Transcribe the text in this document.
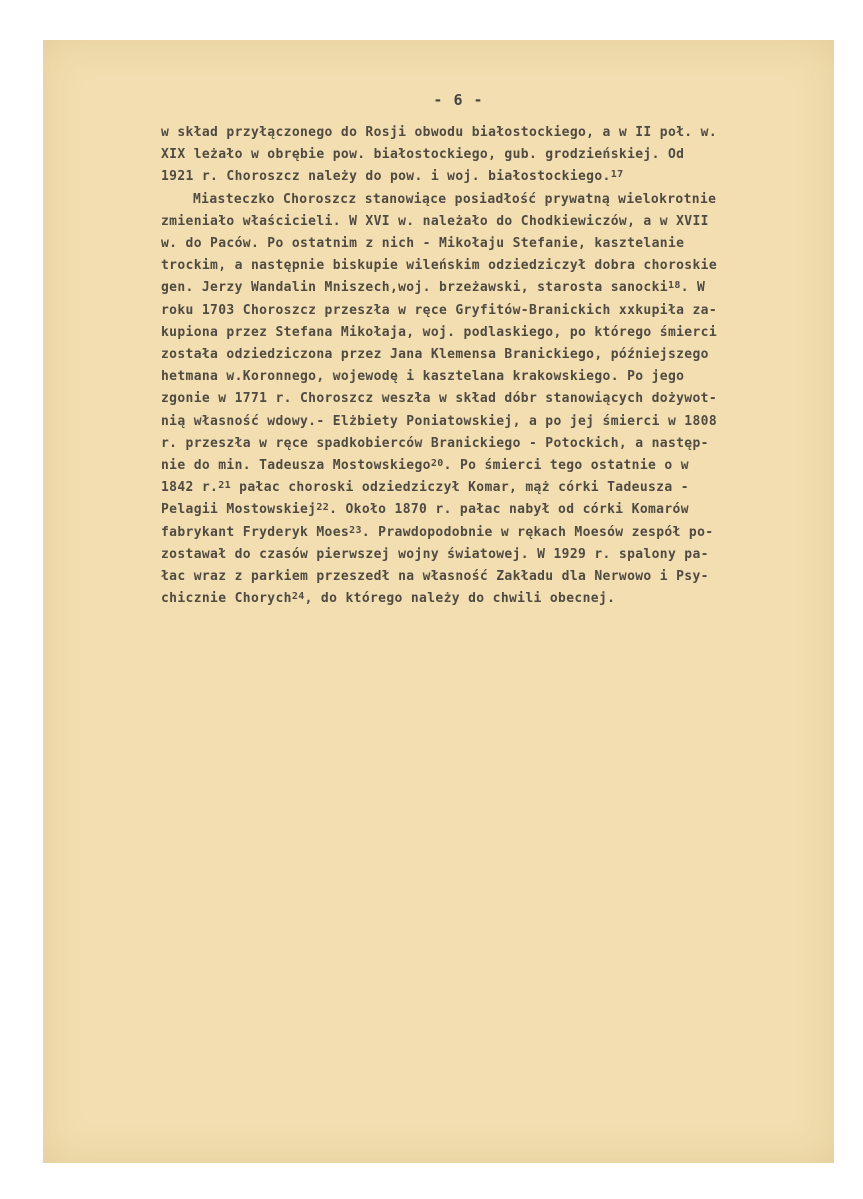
- 6 -
w skład przyłączonego do Rosji obwodu białostockiego, a w II poł. w.
XIX leżało w obrębie pow. białostockiego, gub. grodzieńskiej. Od
1921 r. Choroszcz należy do pow. i woj. białostockiego.$^{17}$
Miasteczko Choroszcz stanowiące posiadłość prywatną wielokrotnie
zmieniało właścicieli. W XVI w. należało do Chodkiewiczów, a w XVII
w. do Paców. Po ostatnim z nich - Mikołaju Stefanie, kasztelanie
trockim, a następnie biskupie wileńskim odziedziczył dobra choroskie
gen. Jerzy Wandalin Mniszech,woj. brzeżawski, starosta sanocki$^{18}$. W
roku 1703 Choroszcz przeszła w ręce Gryfitów-Branickich xxkupiła za-
kupiona przez Stefana Mikołaja, woj. podlaskiego, po którego śmierci
została odziedziczona przez Jana Klemensa Branickiego, późniejszego
hetmana w.Koronnego, wojewodę i kasztelana krakowskiego. Po jego
zgonie w 1771 r. Choroszcz weszła w skład dóbr stanowiących dożywot-
nią własność wdowy.- Elżbiety Poniatowskiej, a po jej śmierci w 1808
r. przeszła w ręce spadkobierców Branickiego - Potockich, a następ-
nie do min. Tadeusza Mostowskiego$^{20}$. Po śmierci tego ostatnie o w
1842 r.$^{21}$ pałac choroski odziedziczył Komar, mąż córki Tadeusza -
Pelagii Mostowskiej$^{22}$. Około 1870 r. pałac nabył od córki Komarów
fabrykant Fryderyk Moes$^{23}$. Prawdopodobnie w rękach Moesów zespół po-
zostawał do czasów pierwszej wojny światowej. W 1929 r. spalony pa-
łac wraz z parkiem przeszedł na własność Zakładu dla Nerwowo i Psy-
chicznie Chorych$^{24}$, do którego należy do chwili obecnej.
